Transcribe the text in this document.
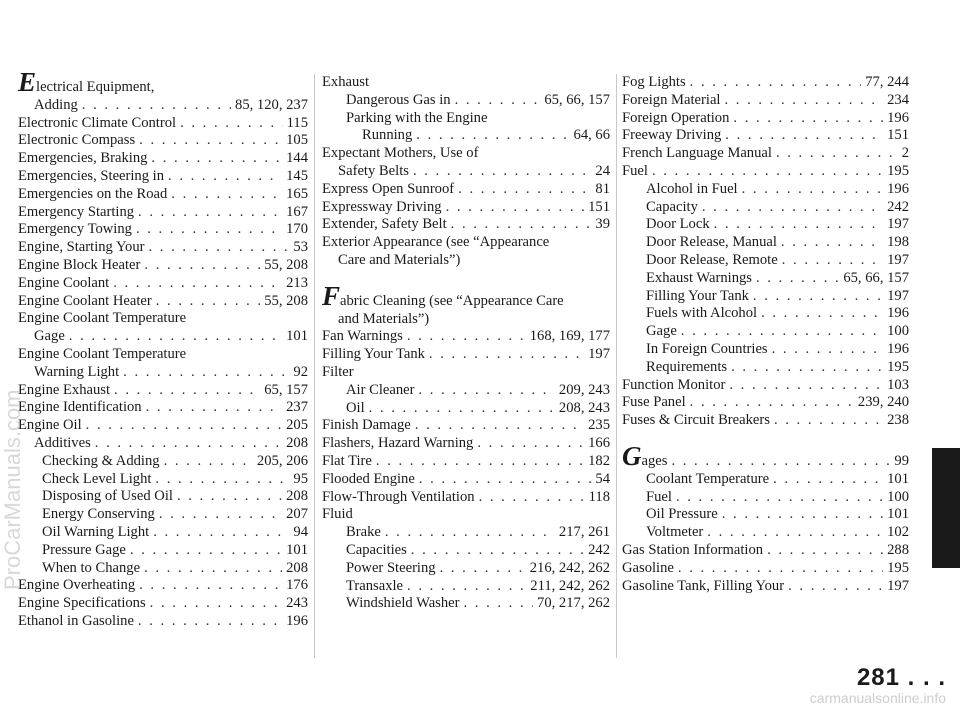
Electrical Equipment,
Adding . . .	85, 120, 237
Electronic Climate Control . . .	115
Electronic Compass . . .	105
Emergencies, Braking . . .	144
Emergencies, Steering in . . .	145
Emergencies on the Road . . .	165
Emergency Starting . . .	167
Emergency Towing . . .	170
Engine, Starting Your . . .	53
Engine Block Heater . . .	55, 208
Engine Coolant . . .	213
Engine Coolant Heater . . .	55, 208
Engine Coolant Temperature
Gage . . .	101
Engine Coolant Temperature
Warning Light . . .	92
Engine Exhaust . . .	65, 157
Engine Identification . . .	237
Engine Oil . . .	205
Additives . . .	208
Checking & Adding . . .	205, 206
Check Level Light . . .	95
Disposing of Used Oil . . .	208
Energy Conserving . . .	207
Oil Warning Light . . .	94
Pressure Gage . . .	101
When to Change . . .	208
Engine Overheating . . .	176
Engine Specifications . . .	243
Ethanol in Gasoline . . .	196
Exhaust
Dangerous Gas in . . .	65, 66, 157
Parking with the Engine
Running . . .	64, 66
Expectant Mothers, Use of
Safety Belts . . .	24
Express Open Sunroof . . .	81
Expressway Driving . . .	151
Extender, Safety Belt . . .	39
Exterior Appearance (see “Appearance
Care and Materials”)
Fabric Cleaning (see “Appearance Care
and Materials”)
Fan Warnings . . .	168, 169, 177
Filling Your Tank . . .	197
Filter
Air Cleaner . . .	209, 243
Oil . . .	208, 243
Finish Damage . . .	235
Flashers, Hazard Warning . . .	166
Flat Tire . . .	182
Flooded Engine . . .	54
Flow-Through Ventilation . . .	118
Fluid
Brake . . .	217, 261
Capacities . . .	242
Power Steering . . .	216, 242, 262
Transaxle . . .	211, 242, 262
Windshield Washer . . .	70, 217, 262
Fog Lights . . .	77, 244
Foreign Material . . .	234
Foreign Operation . . .	196
Freeway Driving . . .	151
French Language Manual . . .	2
Fuel . . .	195
Alcohol in Fuel . . .	196
Capacity . . .	242
Door Lock . . .	197
Door Release, Manual . . .	198
Door Release, Remote . . .	197
Exhaust Warnings . . .	65, 66, 157
Filling Your Tank . . .	197
Fuels with Alcohol . . .	196
Gage . . .	100
In Foreign Countries . . .	196
Requirements . . .	195
Function Monitor . . .	103
Fuse Panel . . .	239, 240
Fuses & Circuit Breakers . . .	238
Gages . . .	99
Coolant Temperature . . .	101
Fuel . . .	100
Oil Pressure . . .	101
Voltmeter . . .	102
Gas Station Information . . .	288
Gasoline . . .	195
Gasoline Tank, Filling Your . . .	197
281 . . .
ProCarManuals.com
carmanualsonline.info
